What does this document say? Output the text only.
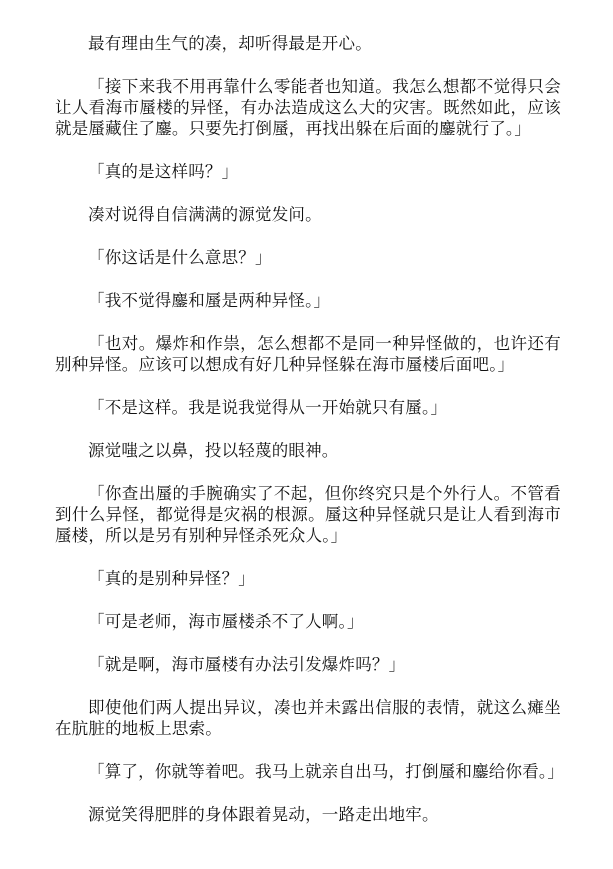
最有理由生气的凑，却听得最是开心。

「接下来我不用再靠什么零能者也知道。我怎么想都不觉得只会让人看海市蜃楼的异怪，有办法造成这么大的灾害。既然如此，应该就是蜃藏住了鏖。只要先打倒蜃，再找出躲在后面的鏖就行了。」

「真的是这样吗？」

凑对说得自信满满的源觉发问。

「你这话是什么意思？」

「我不觉得鏖和蜃是两种异怪。」

「也对。爆炸和作祟，怎么想都不是同一种异怪做的，也许还有别种异怪。应该可以想成有好几种异怪躲在海市蜃楼后面吧。」

「不是这样。我是说我觉得从一开始就只有蜃。」

源觉嗤之以鼻，投以轻蔑的眼神。

「你查出蜃的手腕确实了不起，但你终究只是个外行人。不管看到什么异怪，都觉得是灾祸的根源。蜃这种异怪就只是让人看到海市蜃楼，所以是另有别种异怪杀死众人。」

「真的是别种异怪？」

「可是老师，海市蜃楼杀不了人啊。」

「就是啊，海市蜃楼有办法引发爆炸吗？」

即使他们两人提出异议，凑也并未露出信服的表情，就这么瘫坐在肮脏的地板上思索。

「算了，你就等着吧。我马上就亲自出马，打倒蜃和鏖给你看。」

源觉笑得肥胖的身体跟着晃动，一路走出地牢。
